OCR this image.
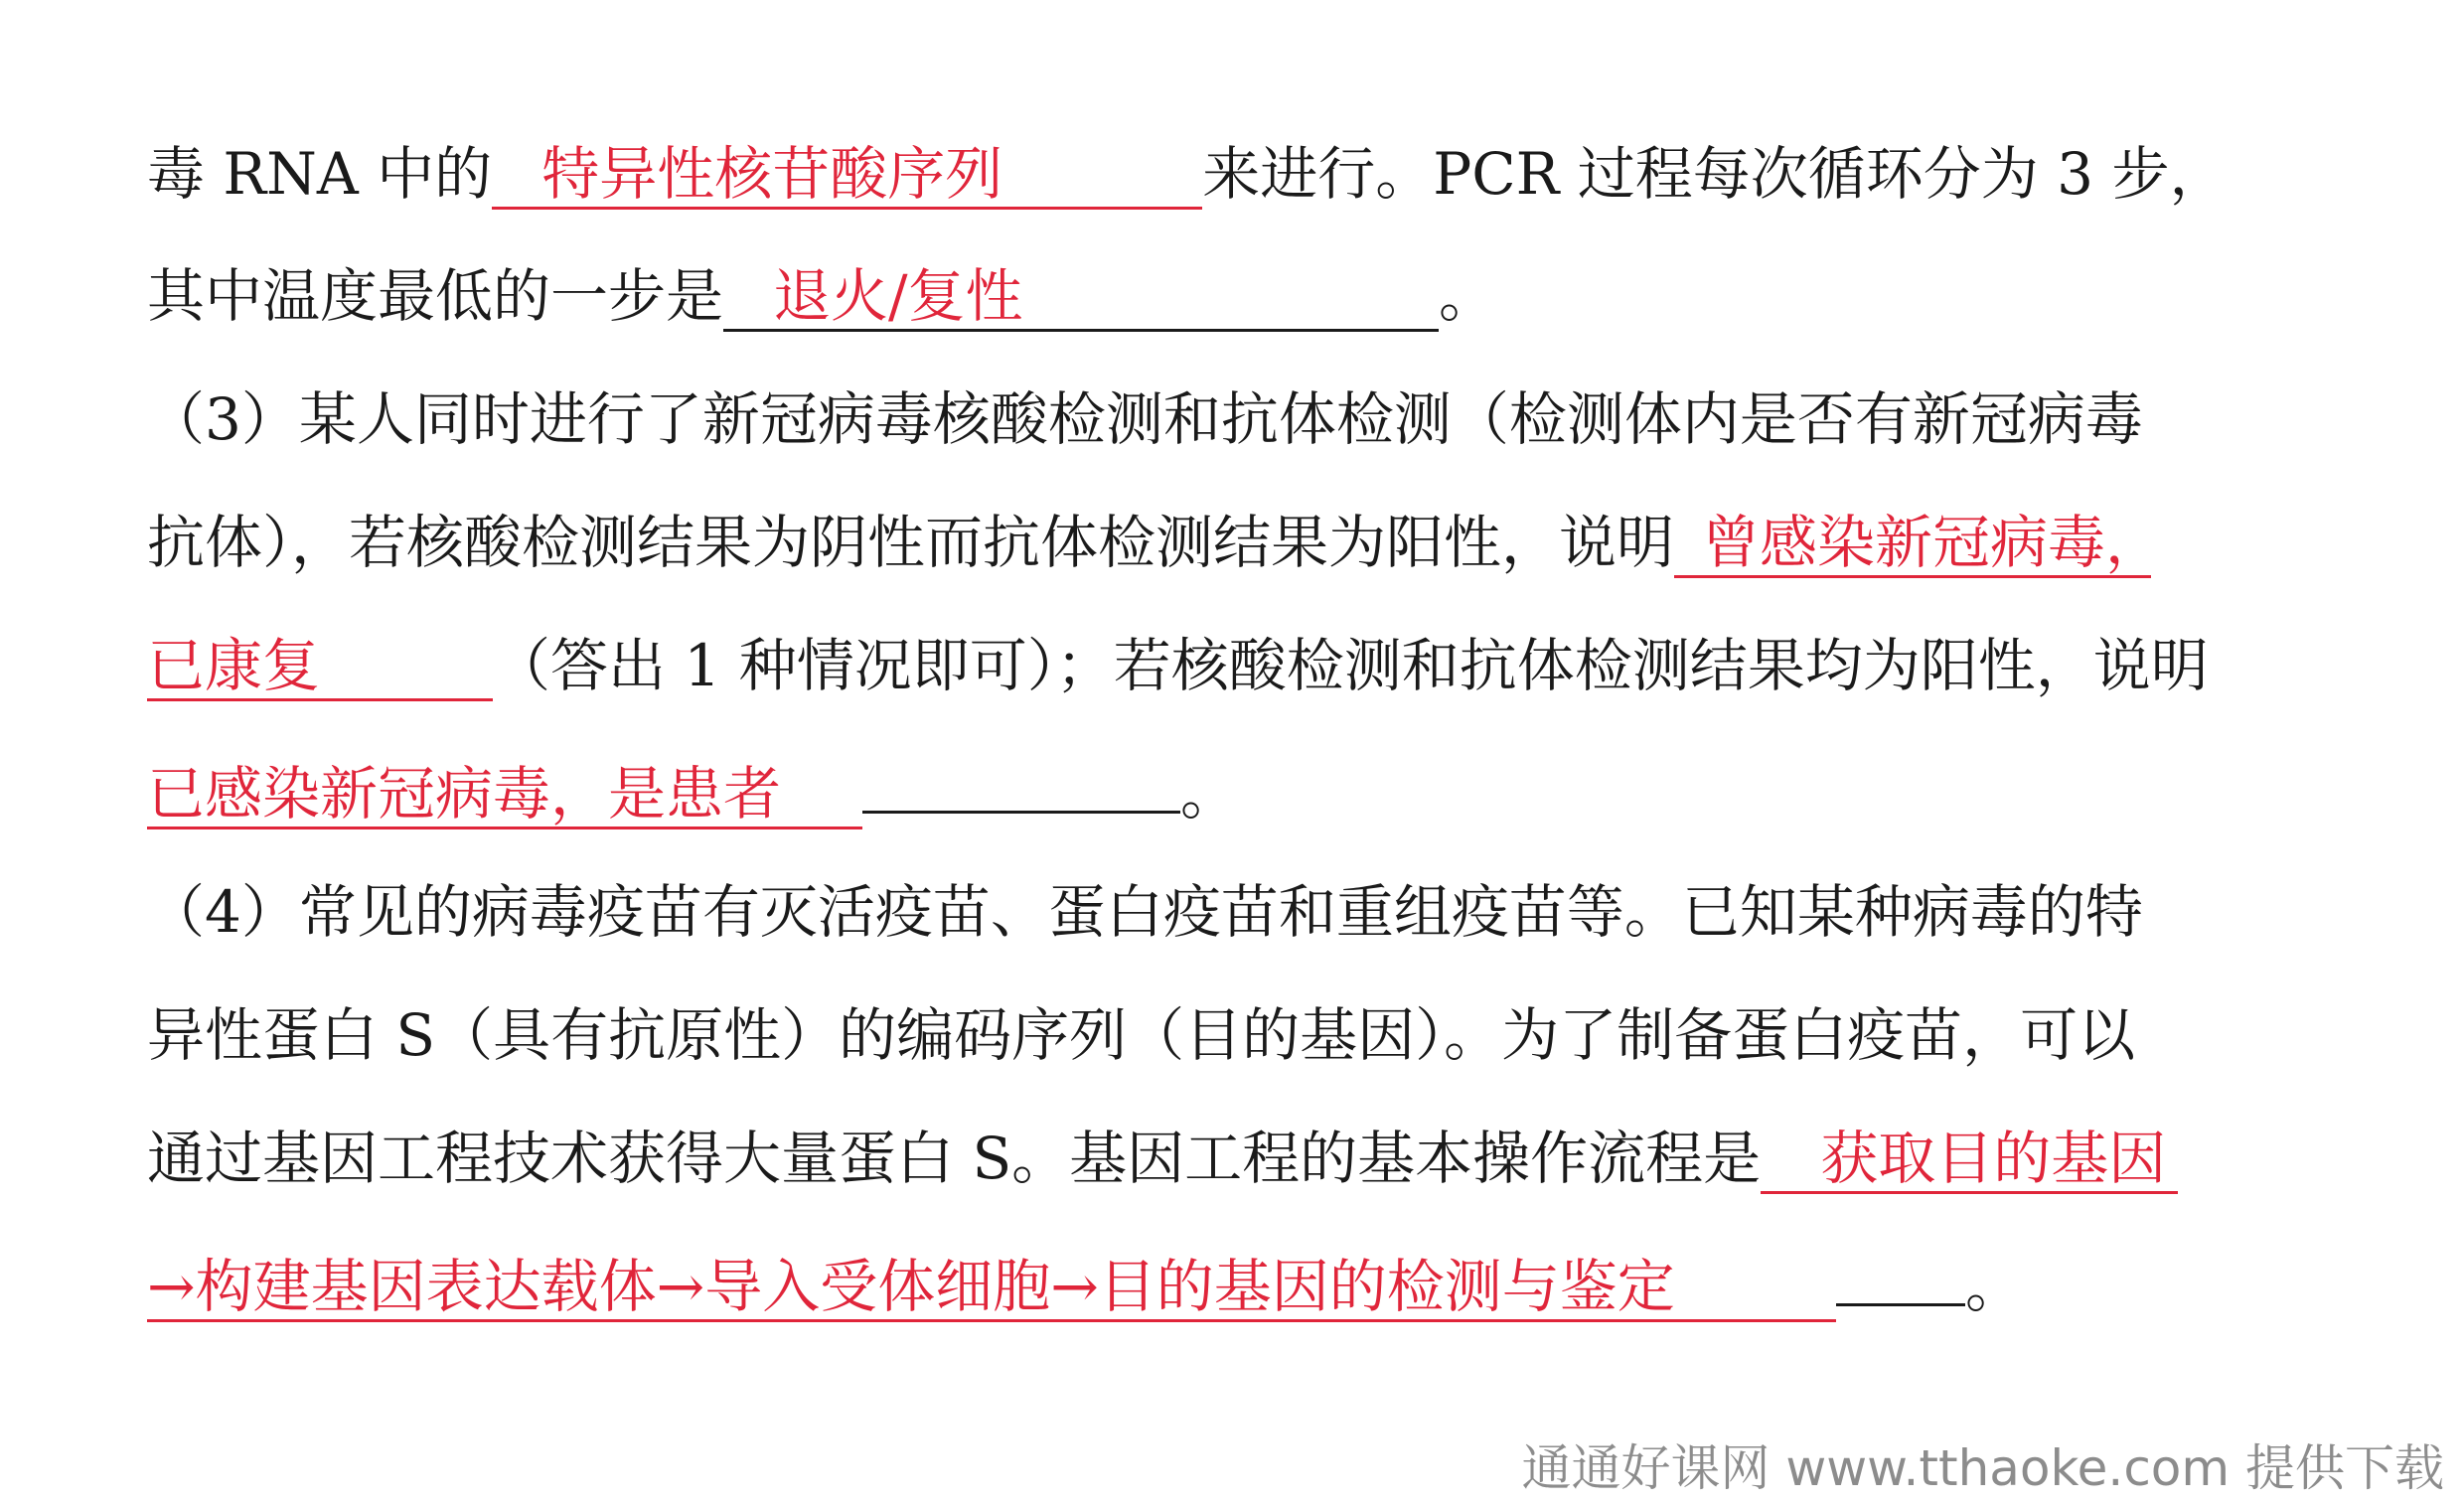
毒 RNA 中的 特异性核苷酸序列	来进行。PCR 过程每次循环分为 3 步，
其中温度最低的一步是 退火/复性	。
（3）某人同时进行了新冠病毒核酸检测和抗体检测（检测体内是否有新冠病毒
抗体），若核酸检测结果为阴性而抗体检测结果为阳性，说明 曾感染新冠病毒，
已康复	（答出 1 种情况即可）；若核酸检测和抗体检测结果均为阳性，说明
已感染新冠病毒，是患者	。
（4）常见的病毒疫苗有灭活疫苗、蛋白疫苗和重组疫苗等。已知某种病毒的特
异性蛋白 S（具有抗原性）的编码序列（目的基因）。为了制备蛋白疫苗，可以
通过基因工程技术获得大量蛋白 S。基因工程的基本操作流程是 获取目的基因
→构建基因表达载体→导入受体细胞→目的基因的检测与鉴定	。
通通好课网 www.tthaoke.com 提供下载
